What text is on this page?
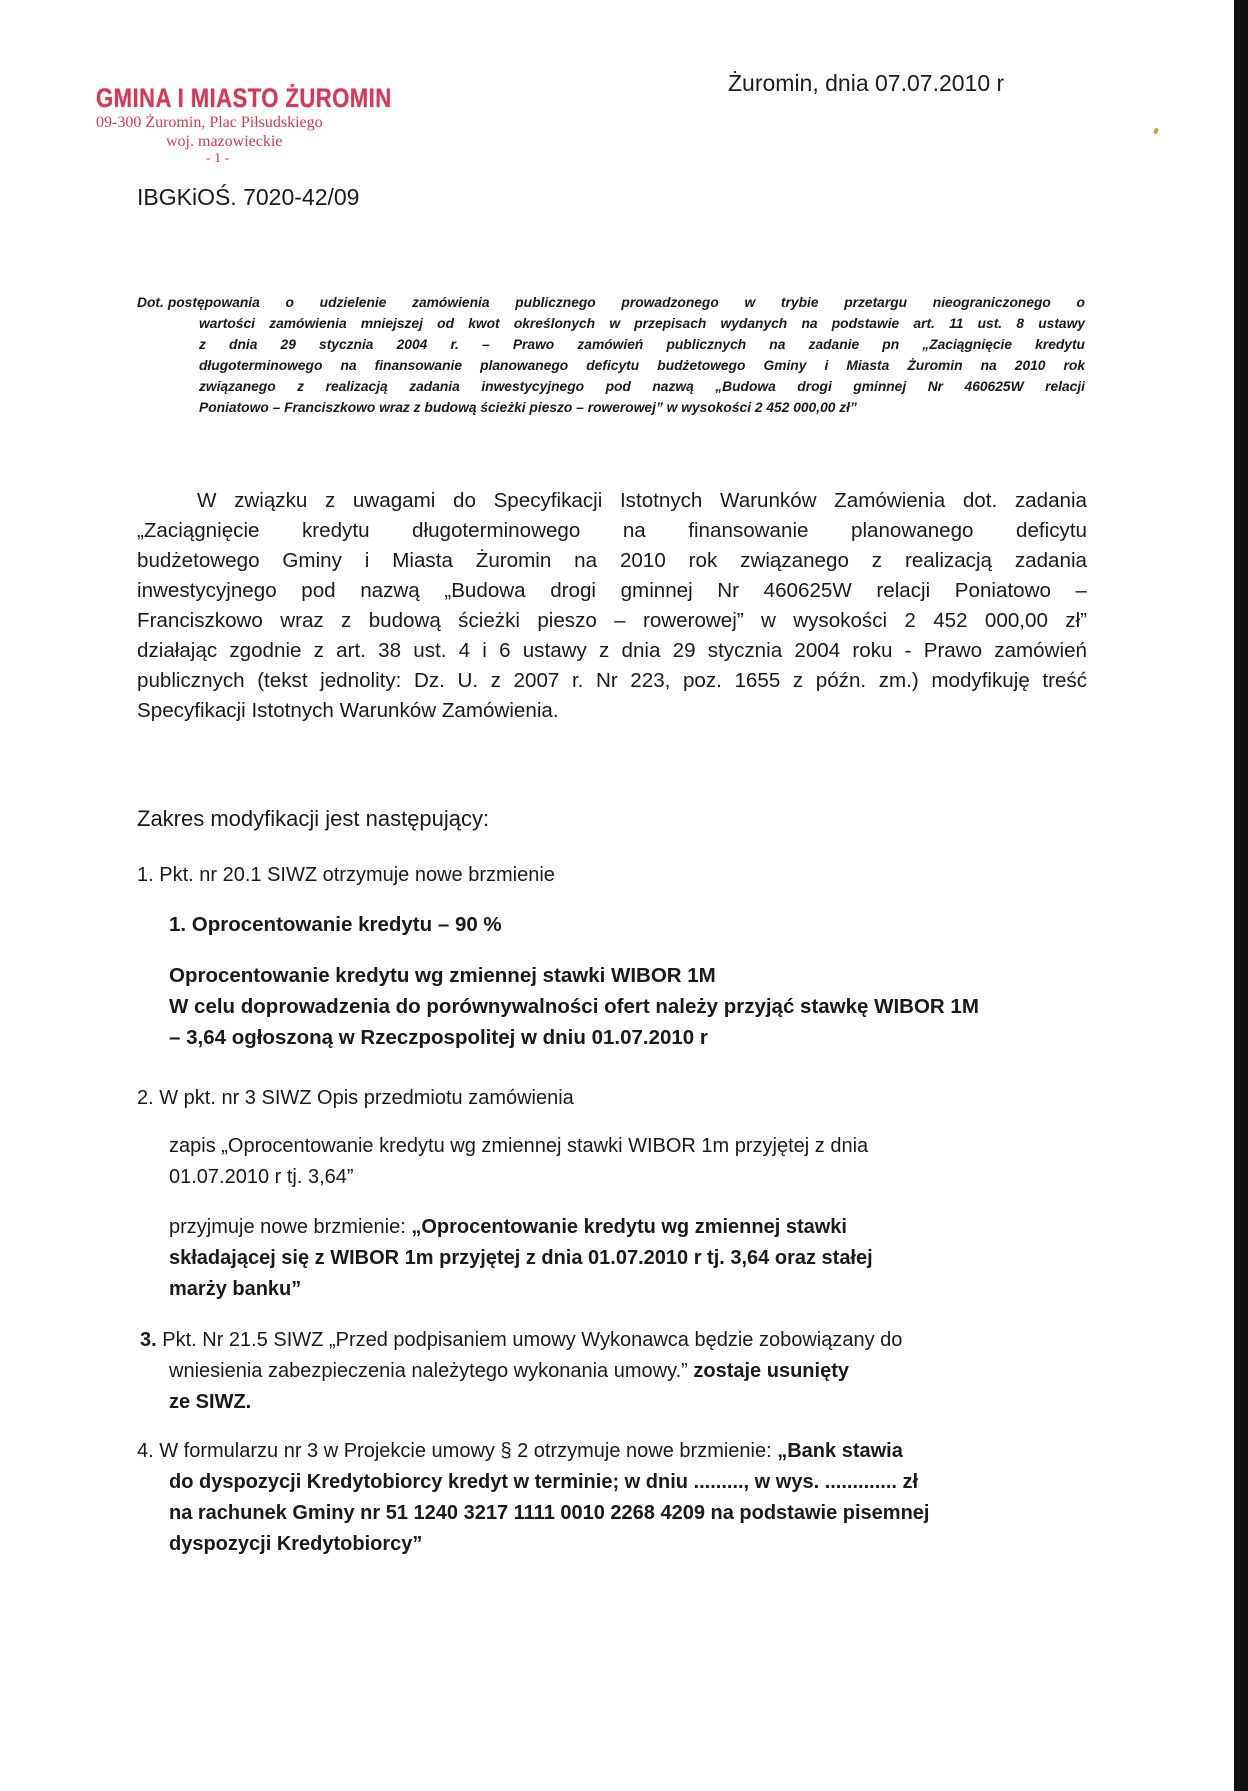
GMINA I MIASTO ŻUROMIN
09-300 Żuromin, Plac Piłsudskiego
woj. mazowieckie
- 1 -
Żuromin, dnia 07.07.2010 r
IBGKiOŚ. 7020-42/09
Dot. postępowania o udzielenie zamówienia publicznego prowadzonego w trybie przetargu nieograniczonego o
wartości zamówienia mniejszej od kwot określonych w przepisach wydanych na podstawie art. 11 ust. 8 ustawy
z dnia 29 stycznia 2004 r. – Prawo zamówień publicznych na zadanie pn „Zaciągnięcie kredytu
długoterminowego na finansowanie planowanego deficytu budżetowego Gminy i Miasta Żuromin na 2010 rok
związanego z realizacją zadania inwestycyjnego pod nazwą „Budowa drogi gminnej Nr 460625W relacji
Poniatowo – Franciszkowo wraz z budową ścieżki pieszo – rowerowej” w wysokości 2 452 000,00 zł”
W związku z uwagami do Specyfikacji Istotnych Warunków Zamówienia dot. zadania
„Zaciągnięcie kredytu długoterminowego na finansowanie planowanego deficytu
budżetowego Gminy i Miasta Żuromin na 2010 rok związanego z realizacją zadania
inwestycyjnego pod nazwą „Budowa drogi gminnej Nr 460625W relacji Poniatowo –
Franciszkowo wraz z budową ścieżki pieszo – rowerowej” w wysokości 2 452 000,00 zł”
działając zgodnie z art. 38 ust. 4 i 6 ustawy z dnia 29 stycznia 2004 roku - Prawo zamówień
publicznych (tekst jednolity: Dz. U. z 2007 r. Nr 223, poz. 1655 z późn. zm.) modyfikuję treść
Specyfikacji Istotnych Warunków Zamówienia.
Zakres modyfikacji jest następujący:
1. Pkt. nr 20.1 SIWZ otrzymuje nowe brzmienie
1. Oprocentowanie kredytu – 90 %
Oprocentowanie kredytu wg zmiennej stawki WIBOR 1M
W celu doprowadzenia do porównywalności ofert należy przyjąć stawkę WIBOR 1M
– 3,64 ogłoszoną w Rzeczpospolitej w dniu 01.07.2010 r
2. W pkt. nr 3 SIWZ Opis przedmiotu zamówienia
zapis „Oprocentowanie kredytu wg zmiennej stawki WIBOR 1m przyjętej z dnia
01.07.2010 r tj. 3,64”
przyjmuje nowe brzmienie: „Oprocentowanie kredytu wg zmiennej stawki
składającej się z WIBOR 1m przyjętej z dnia 01.07.2010 r tj. 3,64 oraz stałej
marży banku”
3. Pkt. Nr 21.5 SIWZ „Przed podpisaniem umowy Wykonawca będzie zobowiązany do
wniesienia zabezpieczenia należytego wykonania umowy.” zostaje usunięty
ze SIWZ.
4. W formularzu nr 3 w Projekcie umowy § 2 otrzymuje nowe brzmienie: „Bank stawia
do dyspozycji Kredytobiorcy kredyt w terminie; w dniu ........., w wys. ............. zł
na rachunek Gminy nr 51 1240 3217 1111 0010 2268 4209 na podstawie pisemnej
dyspozycji Kredytobiorcy”
